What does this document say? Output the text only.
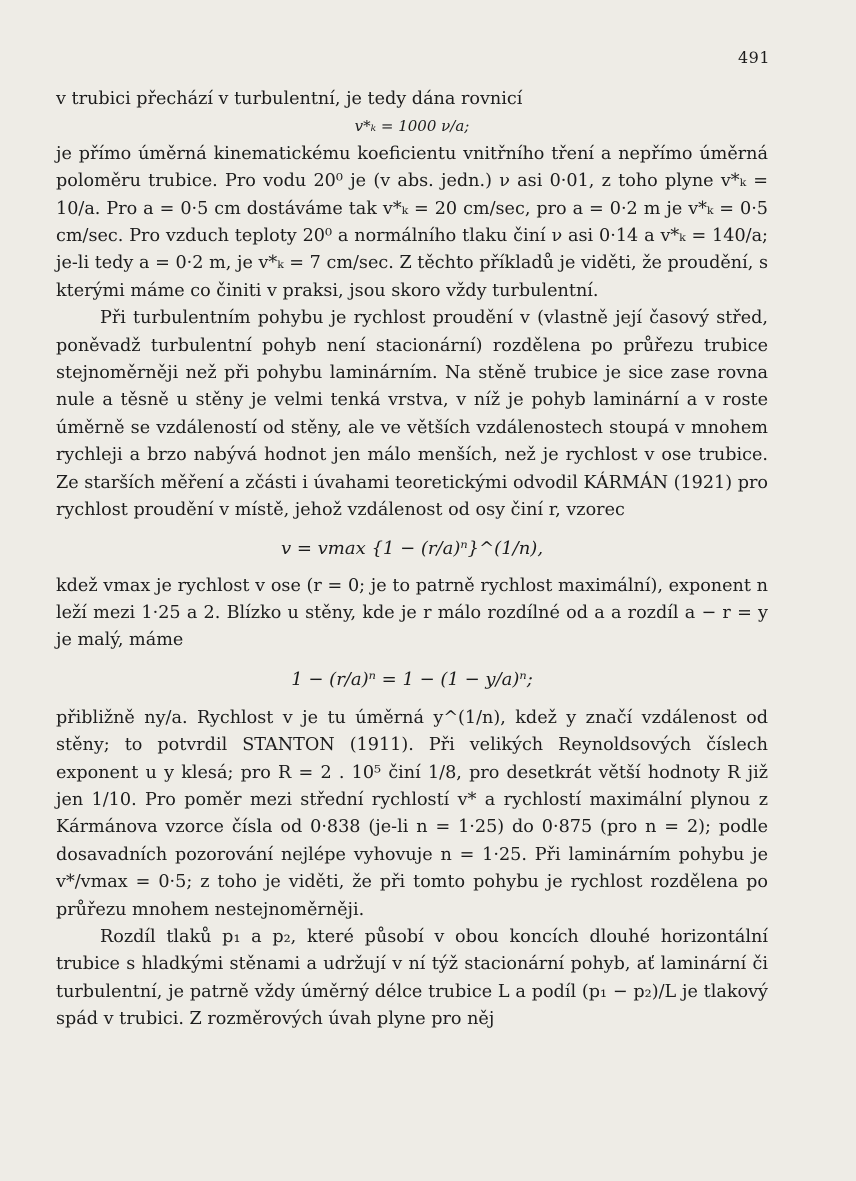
491

v trubici přechází v turbulentní, je tedy dána rovnicí

v*ₖ = 1000 ν/a;

je přímo úměrná kinematickému koeficientu vnitřního tření a nepřímo úměrná poloměru trubice. Pro vodu 20⁰ je (v abs. jedn.) ν asi 0·01, z toho plyne v*ₖ = 10/a. Pro a = 0·5 cm dostáváme tak v*ₖ = 20 cm/sec, pro a = 0·2 m je v*ₖ = 0·5 cm/sec. Pro vzduch teploty 20⁰ a normálního tlaku činí ν asi 0·14 a v*ₖ = 140/a; je-li tedy a = 0·2 m, je v*ₖ = 7 cm/sec. Z těchto příkladů je viděti, že proudění, s kterými máme co činiti v praksi, jsou skoro vždy turbulentní.

Při turbulentním pohybu je rychlost proudění v (vlastně její časový střed, poněvadž turbulentní pohyb není stacionární) rozdělena po průřezu trubice stejnoměrněji než při pohybu laminárním. Na stěně trubice je sice zase rovna nule a těsně u stěny je velmi tenká vrstva, v níž je pohyb laminární a v roste úměrně se vzdáleností od stěny, ale ve větších vzdálenostech stoupá v mnohem rychleji a brzo nabývá hodnot jen málo menších, než je rychlost v ose trubice. Ze starších měření a zčásti i úvahami teoretickými odvodil KÁRMÁN (1921) pro rychlost proudění v místě, jehož vzdálenost od osy činí r, vzorec

v = vmax {1 − (r/a)ⁿ}^(1/n),

kdež vmax je rychlost v ose (r = 0; je to patrně rychlost maximální), exponent n leží mezi 1·25 a 2. Blízko u stěny, kde je r málo rozdílné od a a rozdíl a − r = y je malý, máme

1 − (r/a)ⁿ = 1 − (1 − y/a)ⁿ;

přibližně ny/a. Rychlost v je tu úměrná y^(1/n), kdež y značí vzdálenost od stěny; to potvrdil STANTON (1911). Při velikých Reynoldsových číslech exponent u y klesá; pro R = 2 . 10⁵ činí 1/8, pro desetkrát větší hodnoty R již jen 1/10. Pro poměr mezi střední rychlostí v* a rychlostí maximální plynou z Kármánova vzorce čísla od 0·838 (je-li n = 1·25) do 0·875 (pro n = 2); podle dosavadních pozorování nejlépe vyhovuje n = 1·25. Při laminárním pohybu je v*/vmax = 0·5; z toho je viděti, že při tomto pohybu je rychlost rozdělena po průřezu mnohem nestejnoměrněji.

Rozdíl tlaků p₁ a p₂, které působí v obou koncích dlouhé horizontální trubice s hladkými stěnami a udržují v ní týž stacionární pohyb, ať laminární či turbulentní, je patrně vždy úměrný délce trubice L a podíl (p₁ − p₂)/L je tlakový spád v trubici. Z rozměrových úvah plyne pro něj
